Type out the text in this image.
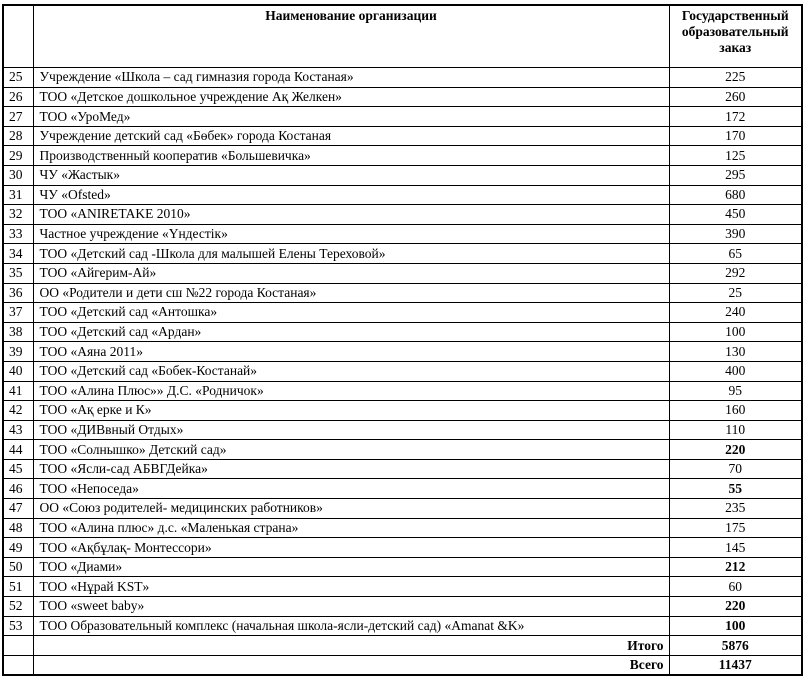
	Наименование организации	Государственный образовательный заказ
25	Учреждение «Школа – сад гимназия города Костаная»	225
26	ТОО «Детское дошкольное учреждение Ақ Желкен»	260
27	ТОО «УроМед»	172
28	Учреждение детский сад «Бөбек» города Костаная	170
29	Производственный кооператив «Большевичка»	125
30	ЧУ «Жастык»	295
31	ЧУ «Ofsted»	680
32	ТОО «ANIRETAKE 2010»	450
33	Частное учреждение «Үндестік»	390
34	ТОО «Детский сад -Школа для малышей Елены Тереховой»	65
35	ТОО «Айгерим-Ай»	292
36	ОО «Родители и дети сш №22 города Костаная»	25
37	ТОО «Детский сад «Антошка»	240
38	ТОО «Детский сад «Ардан»	100
39	ТОО «Аяна 2011»	130
40	ТОО «Детский сад «Бобек-Костанай»	400
41	ТОО «Алина Плюс»» Д.С. «Родничок»	95
42	ТОО «Ақ ерке и К»	160
43	ТОО «ДИВвный Отдых»	110
44	ТОО «Солнышко» Детский сад»	220
45	ТОО «Ясли-сад АБВГДейка»	70
46	ТОО «Непоседа»	55
47	ОО «Союз родителей- медицинских работников»	235
48	ТОО «Алина плюс» д.с. «Маленькая страна»	175
49	ТОО «Ақбұлақ- Монтессори»	145
50	ТОО «Диами»	212
51	ТОО «Нұрай KST»	60
52	ТОО «sweet baby»	220
53	ТОО Образовательный комплекс (начальная школа-ясли-детский сад) «Amanat &K»	100
	Итого	5876
	Всего	11437
